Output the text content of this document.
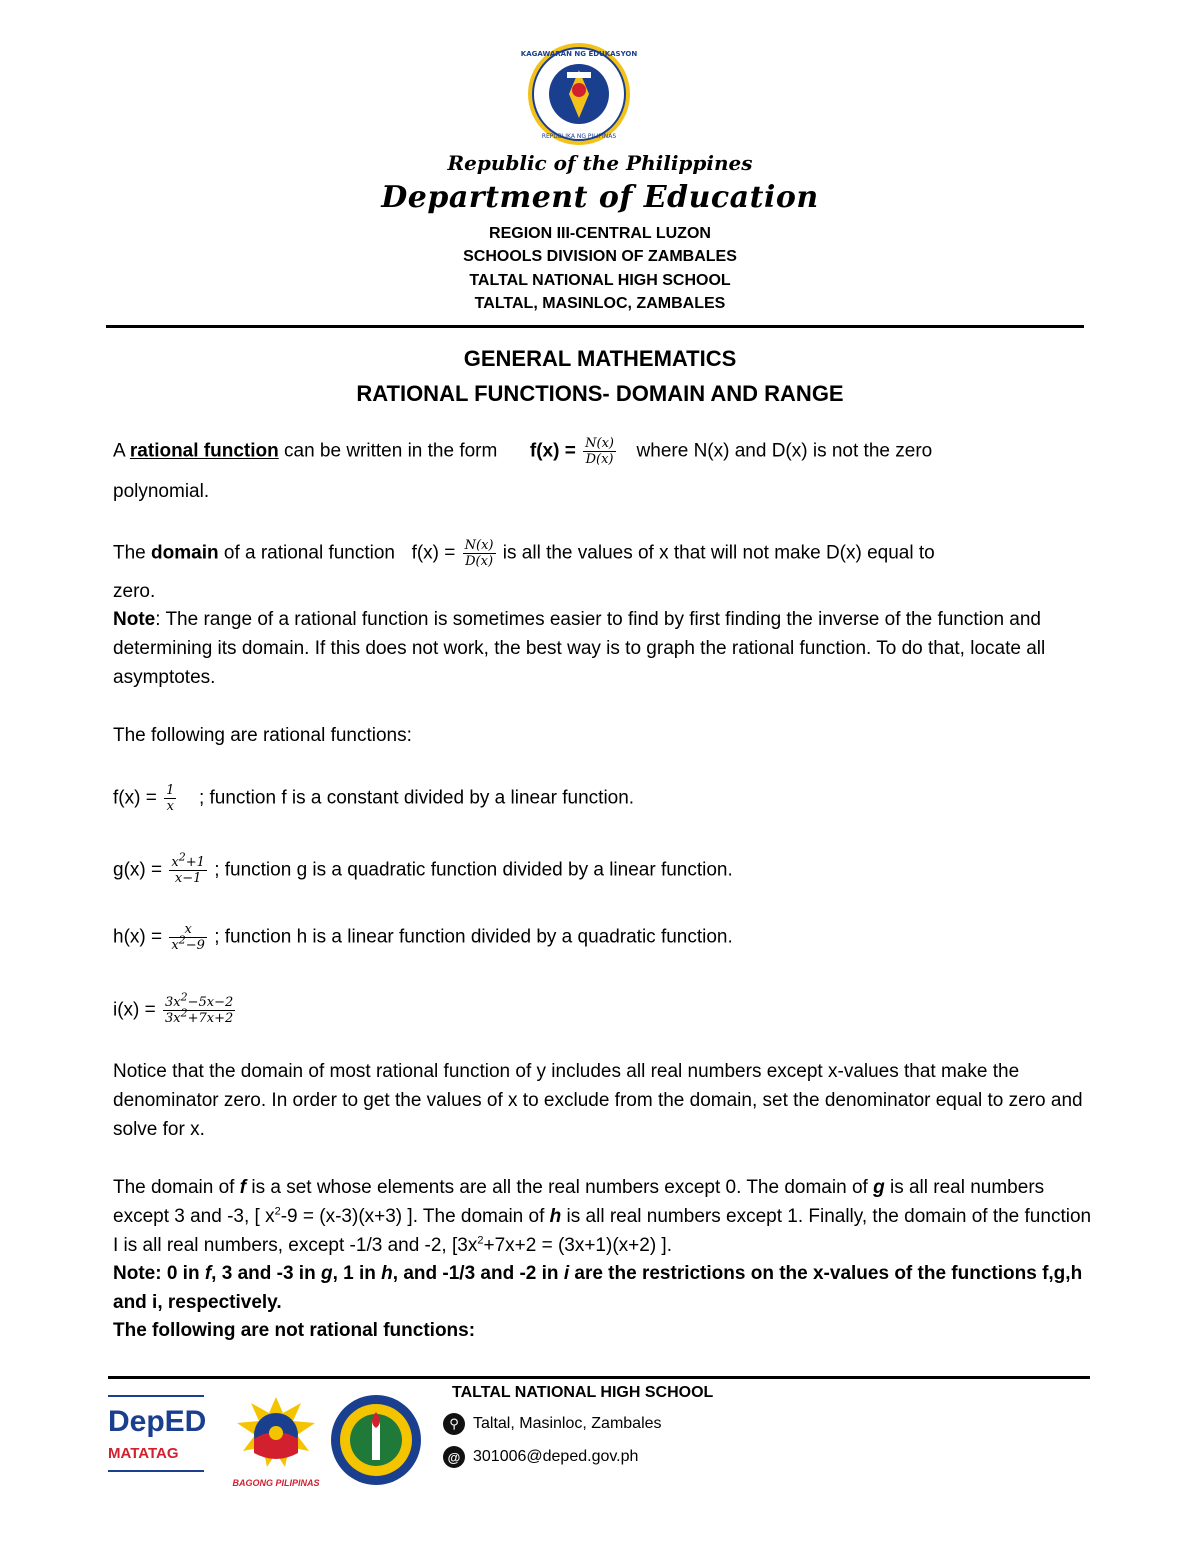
KAGAWARAN NG EDUKASYON
REPUBLIKA NG PILIPINAS
Republic of the Philippines
Department of Education
REGION III-CENTRAL LUZON
SCHOOLS DIVISION OF ZAMBALES
TALTAL NATIONAL HIGH SCHOOL
TALTAL, MASINLOC, ZAMBALES
GENERAL MATHEMATICS
RATIONAL FUNCTIONS- DOMAIN AND RANGE
A rational function can be written in the form $f(x) = \frac{N(x)}{D(x)}$ where N(x) and D(x) is not the zero
polynomial.
The domain of a rational function $f(x) = \frac{N(x)}{D(x)}$ is all the values of x that will not make D(x) equal to
zero.
Note: The range of a rational function is sometimes easier to find by first finding the inverse of the function and determining its domain. If this does not work, the best way is to graph the rational function. To do that, locate all asymptotes.
The following are rational functions:
$f(x) = \frac{1}{x}$ ; function f is a constant divided by a linear function.
$g(x) = \frac{x^2+1}{x-1}$ ; function g is a quadratic function divided by a linear function.
$h(x) = \frac{x}{x^2-9}$ ; function h is a linear function divided by a quadratic function.
$i(x) = \frac{3x^2-5x-2}{3x^2+7x+2}$
Notice that the domain of most rational function of y includes all real numbers except x-values that make the denominator zero. In order to get the values of x to exclude from the domain, set the denominator equal to zero and solve for x.
The domain of f is a set whose elements are all the real numbers except 0. The domain of g is all real numbers except 3 and -3, [ $x^2-9 = (x-3)(x+3)$ ]. The domain of h is all real numbers except 1. Finally, the domain of the function I is all real numbers, except -1/3 and -2, [$3x^2+7x+2 = (3x+1)(x+2)$ ].
Note: 0 in f, 3 and -3 in g, 1 in h, and -1/3 and -2 in i are the restrictions on the x-values of the functions f,g,h and i, respectively.
The following are not rational functions:
DepED
MATATAG
BAGONG PILIPINAS
TALTAL NATIONAL HIGH SCHOOL
⚲ Taltal, Masinloc, Zambales
@ 301006@deped.gov.ph
